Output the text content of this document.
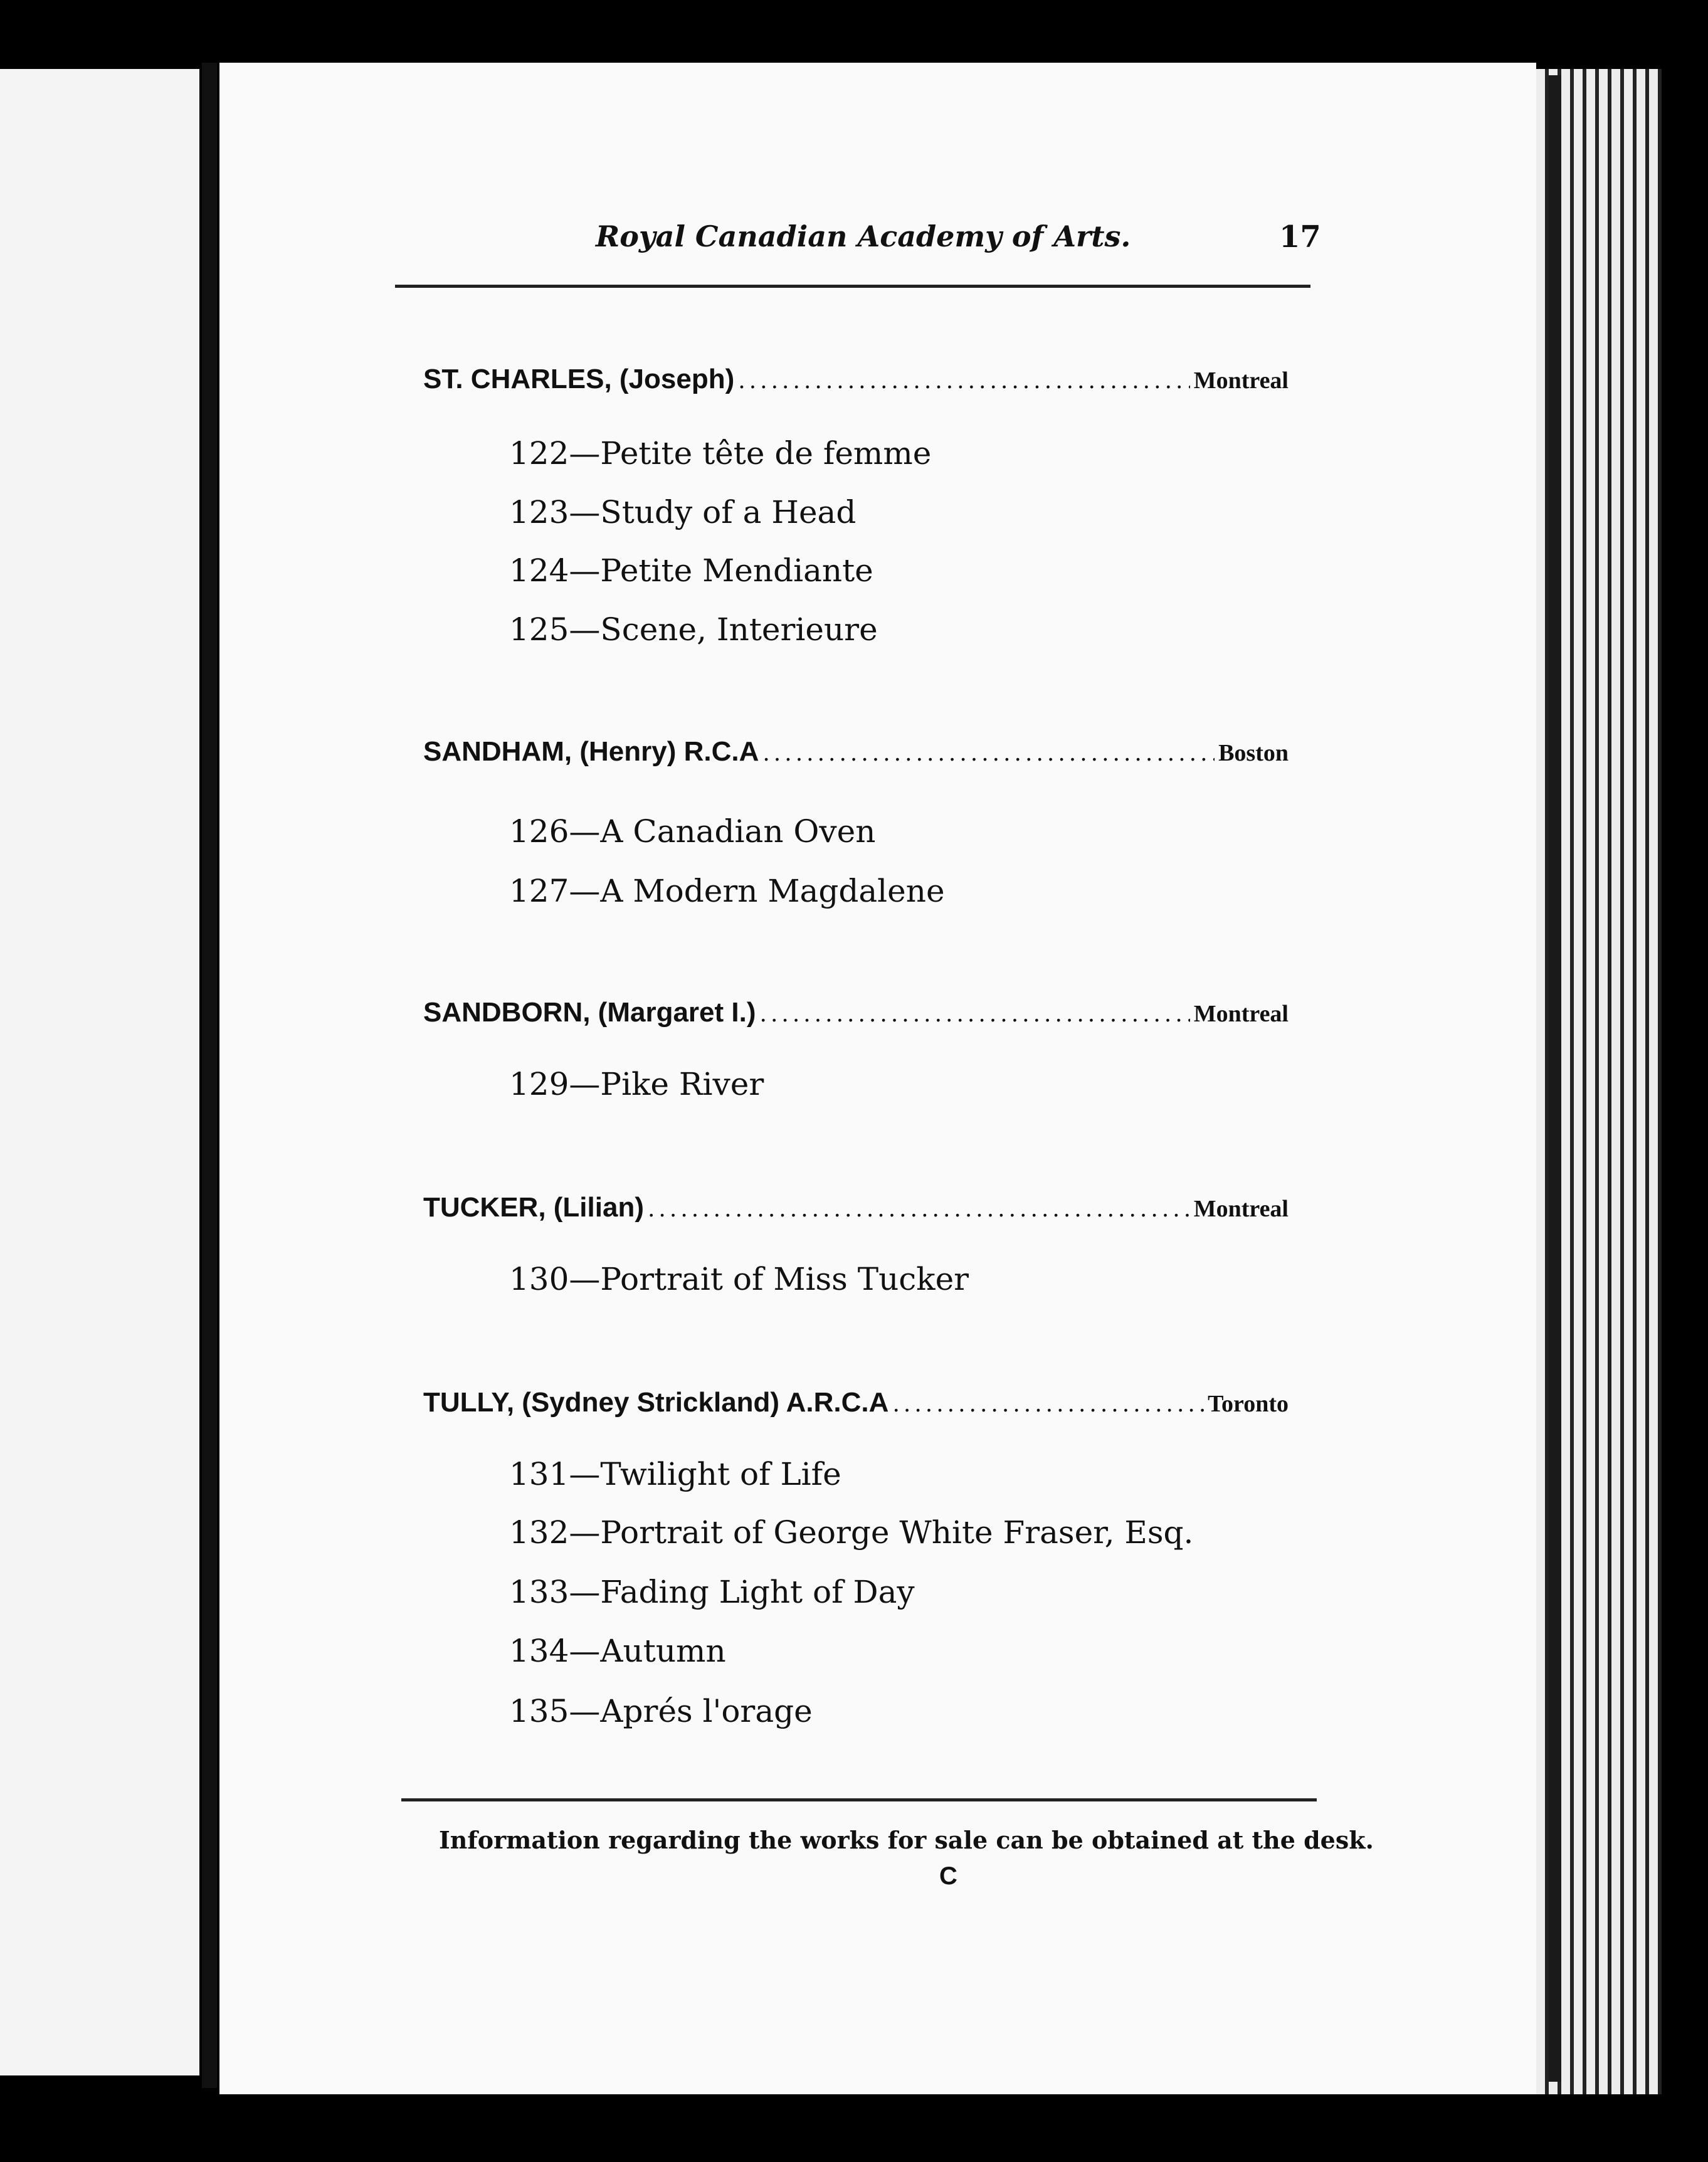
Royal Canadian Academy of Arts.	17
ST. CHARLES, (Joseph) .....	Montreal
122—Petite tête de femme
123—Study of a Head
124—Petite Mendiante
125—Scene, Interieure
SANDHAM, (Henry) R.C.A .....	Boston
126—A Canadian Oven
127—A Modern Magdalene
SANDBORN, (Margaret I.) .....	Montreal
129—Pike River
TUCKER, (Lilian) .....	Montreal
130—Portrait of Miss Tucker
TULLY, (Sydney Strickland) A.R.C.A .....	Toronto
131—Twilight of Life
132—Portrait of George White Fraser, Esq.
133—Fading Light of Day
134—Autumn
135—Aprés l'orage
Information regarding the works for sale can be obtained at the desk.
C
